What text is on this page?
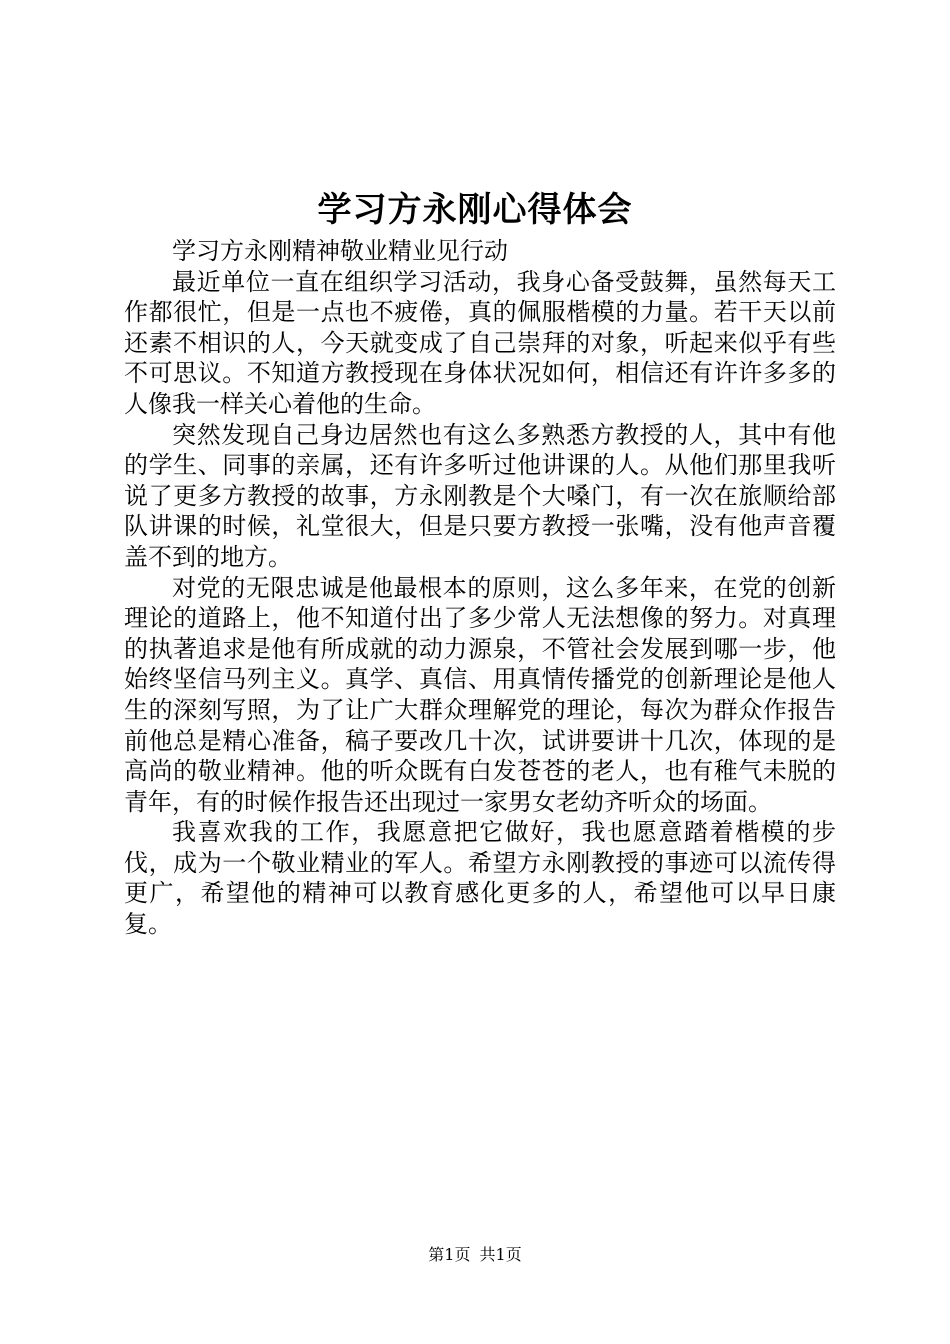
学习方永刚心得体会

学习方永刚精神敬业精业见行动

最近单位一直在组织学习活动，我身心备受鼓舞，虽然每天工作都很忙，但是一点也不疲倦，真的佩服楷模的力量。若干天以前还素不相识的人，今天就变成了自己崇拜的对象，听起来似乎有些不可思议。不知道方教授现在身体状况如何，相信还有许许多多的人像我一样关心着他的生命。

突然发现自己身边居然也有这么多熟悉方教授的人，其中有他的学生、同事的亲属，还有许多听过他讲课的人。从他们那里我听说了更多方教授的故事，方永刚教是个大嗓门，有一次在旅顺给部队讲课的时候，礼堂很大，但是只要方教授一张嘴，没有他声音覆盖不到的地方。

对党的无限忠诚是他最根本的原则，这么多年来，在党的创新理论的道路上，他不知道付出了多少常人无法想像的努力。对真理的执著追求是他有所成就的动力源泉，不管社会发展到哪一步，他始终坚信马列主义。真学、真信、用真情传播党的创新理论是他人生的深刻写照，为了让广大群众理解党的理论，每次为群众作报告前他总是精心准备，稿子要改几十次，试讲要讲十几次，体现的是高尚的敬业精神。他的听众既有白发苍苍的老人，也有稚气未脱的青年，有的时候作报告还出现过一家男女老幼齐听众的场面。

我喜欢我的工作，我愿意把它做好，我也愿意踏着楷模的步伐，成为一个敬业精业的军人。希望方永刚教授的事迹可以流传得更广，希望他的精神可以教育感化更多的人，希望他可以早日康复。

第1页 共1页
